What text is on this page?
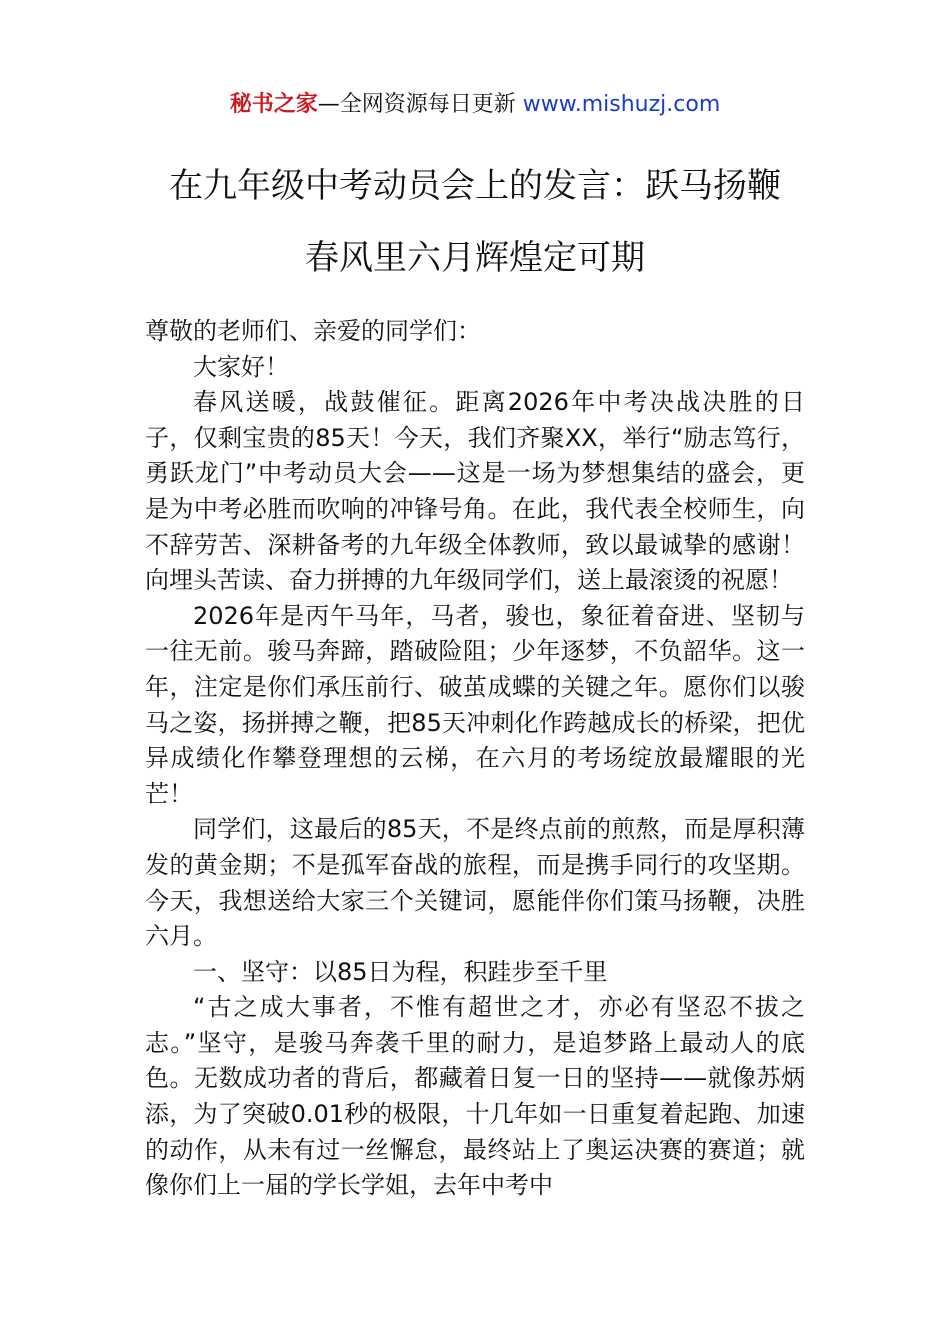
秘书之家—全网资源每日更新 www.mishuzj.com
在九年级中考动员会上的发言：跃马扬鞭
春风里六月辉煌定可期

尊敬的老师们、亲爱的同学们：

大家好！

春风送暖，战鼓催征。距离2026年中考决战决胜的日子，仅剩宝贵的85天！今天，我们齐聚XX，举行“励志笃行，勇跃龙门”中考动员大会——这是一场为梦想集结的盛会，更是为中考必胜而吹响的冲锋号角。在此，我代表全校师生，向不辞劳苦、深耕备考的九年级全体教师，致以最诚挚的感谢！向埋头苦读、奋力拼搏的九年级同学们，送上最滚烫的祝愿！

2026年是丙午马年，马者，骏也，象征着奋进、坚韧与一往无前。骏马奔蹄，踏破险阻；少年逐梦，不负韶华。这一年，注定是你们承压前行、破茧成蝶的关键之年。愿你们以骏马之姿，扬拼搏之鞭，把85天冲刺化作跨越成长的桥梁，把优异成绩化作攀登理想的云梯，在六月的考场绽放最耀眼的光芒！

同学们，这最后的85天，不是终点前的煎熬，而是厚积薄发的黄金期；不是孤军奋战的旅程，而是携手同行的攻坚期。今天，我想送给大家三个关键词，愿能伴你们策马扬鞭，决胜六月。

一、坚守：以85日为程，积跬步至千里

“古之成大事者，不惟有超世之才，亦必有坚忍不拔之志。”坚守，是骏马奔袭千里的耐力，是追梦路上最动人的底色。无数成功者的背后，都藏着日复一日的坚持——就像苏炳添，为了突破0.01秒的极限，十几年如一日重复着起跑、加速的动作，从未有过一丝懈怠，最终站上了奥运决赛的赛道；就像你们上一届的学长学姐，去年中考中
